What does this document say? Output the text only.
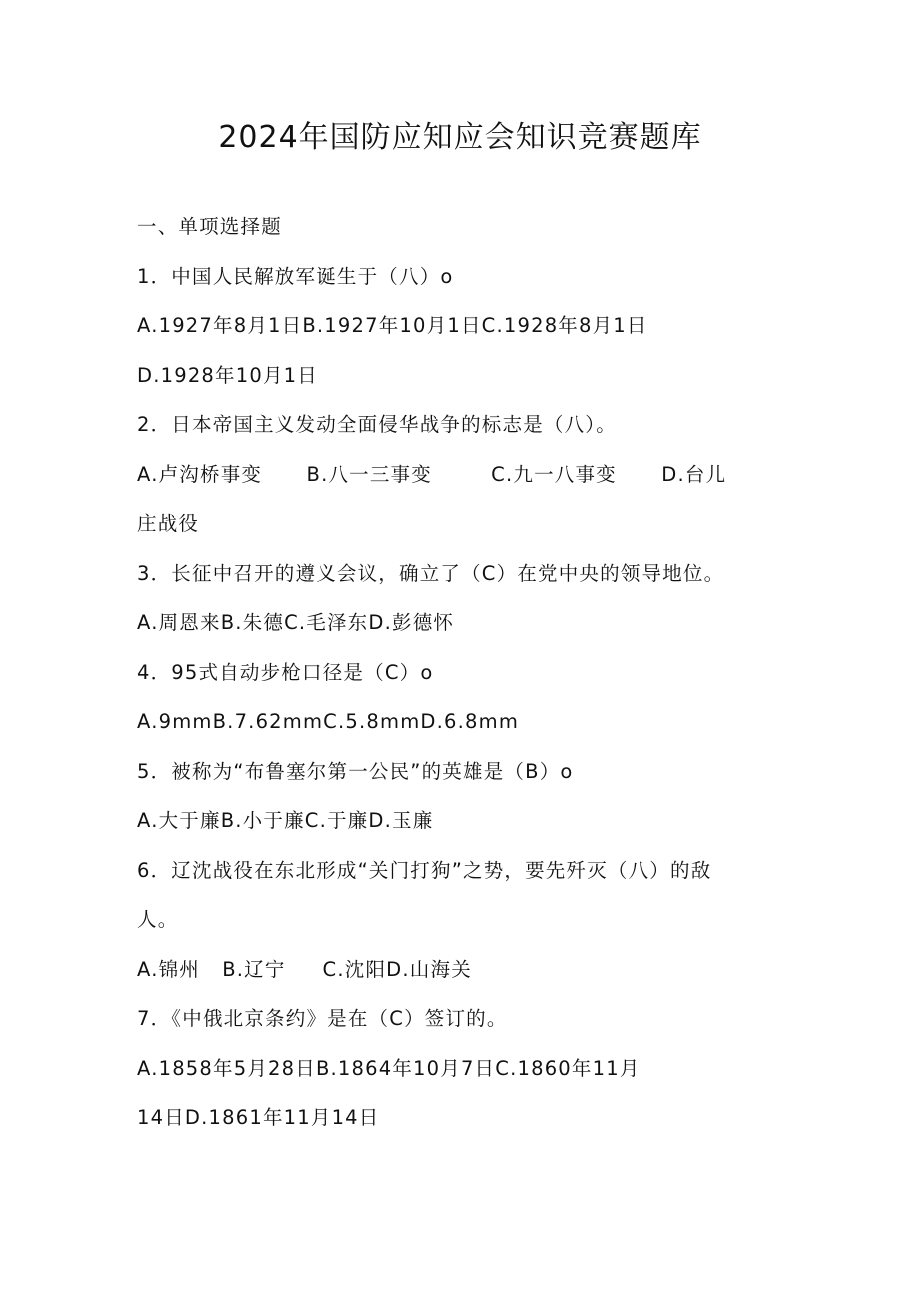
2024年国防应知应会知识竞赛题库
一、单项选择题
1．中国人民解放军诞生于（八）o
A.1927年8月1日B.1927年10月1日C.1928年8月1日
D.1928年10月1日
2．日本帝国主义发动全面侵华战争的标志是（八）。
A.卢沟桥事变      B.八一三事变        C.九一八事变      D.台儿
庄战役
3．长征中召开的遵义会议，确立了（C）在党中央的领导地位。
A.周恩来B.朱德C.毛泽东D.彭德怀
4．95式自动步枪口径是（C）o
A.9mmB.7.62mmC.5.8mmD.6.8mm
5．被称为“布鲁塞尔第一公民”的英雄是（B）o
A.大于廉B.小于廉C.于廉D.玉廉
6．辽沈战役在东北形成“关门打狗”之势，要先歼灭（八）的敌
人。
A.锦州   B.辽宁     C.沈阳D.山海关
7．《中俄北京条约》是在（C）签订的。
A.1858年5月28日B.1864年10月7日C.1860年11月
14日D.1861年11月14日
